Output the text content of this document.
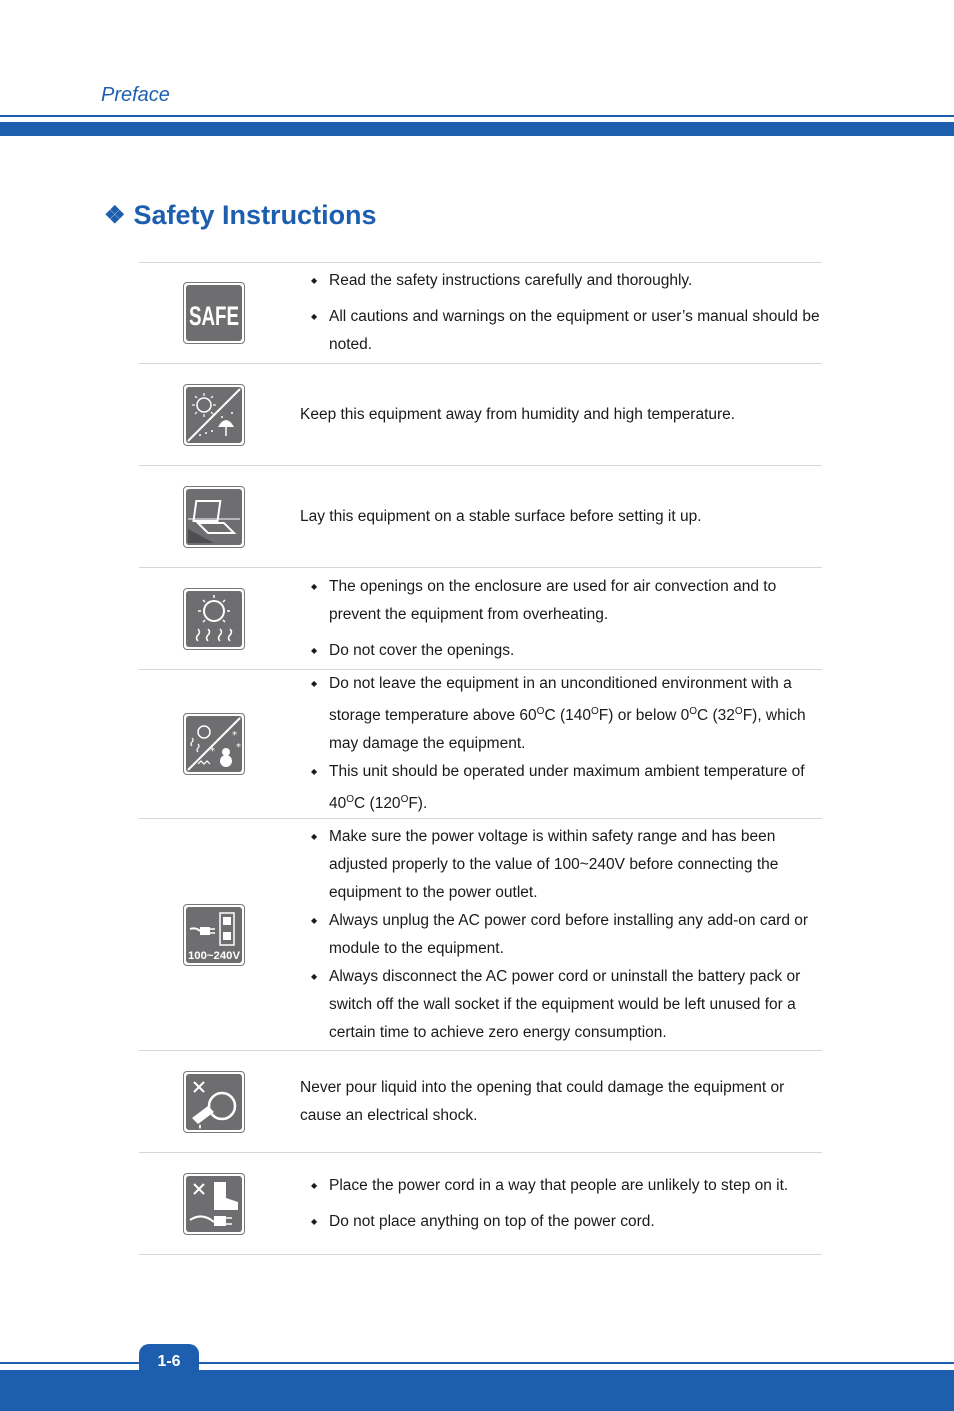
Preface
❖ Safety Instructions
SAFE
◆ Read the safety instructions carefully and thoroughly.
◆ All cautions and warnings on the equipment or user’s manual should be noted.
Keep this equipment away from humidity and high temperature.
Lay this equipment on a stable surface before setting it up.
◆ The openings on the enclosure are used for air convection and to prevent the equipment from overheating.
◆ Do not cover the openings.
*
*
*
◆ Do not leave the equipment in an unconditioned environment with a storage temperature above $60^OC$ $(140^OF)$ or below $0^OC$ $(32^OF)$, which may damage the equipment.
◆ This unit should be operated under maximum ambient temperature of $40^OC$ $(120^OF)$.
100~240V
◆ Make sure the power voltage is within safety range and has been adjusted properly to the value of 100~240V before connecting the equipment to the power outlet.
◆ Always unplug the AC power cord before installing any add-on card or module to the equipment.
◆ Always disconnect the AC power cord or uninstall the battery pack or switch off the wall socket if the equipment would be left unused for a certain time to achieve zero energy consumption.
Never pour liquid into the opening that could damage the equipment or cause an electrical shock.
◆ Place the power cord in a way that people are unlikely to step on it.
◆ Do not place anything on top of the power cord.
1-6
